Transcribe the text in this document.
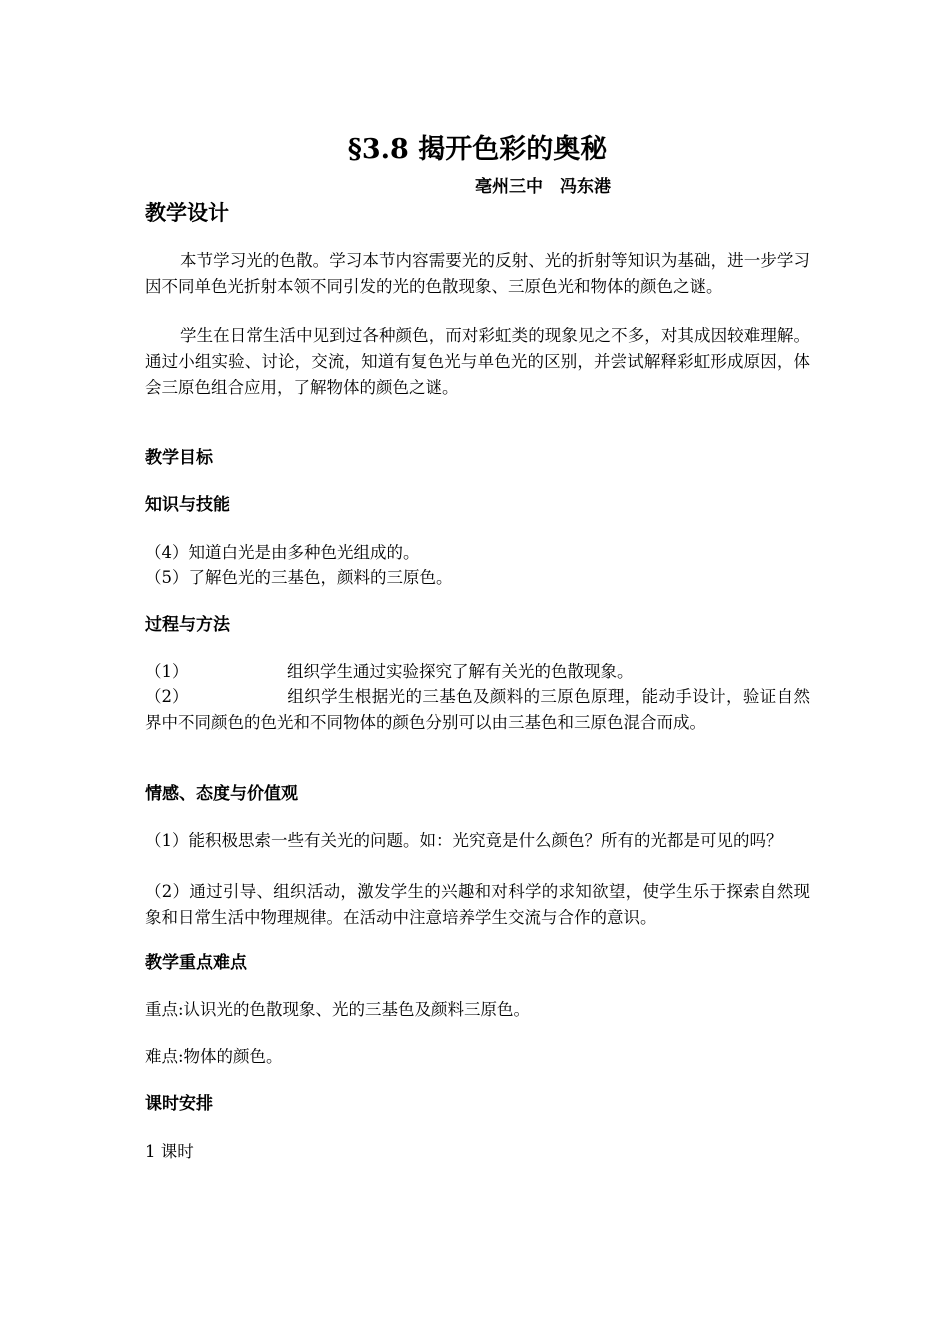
§3.8 揭开色彩的奥秘
亳州三中　冯东港
教学设计
本节学习光的色散。学习本节内容需要光的反射、光的折射等知识为基础，进一步学习因不同单色光折射本领不同引发的光的色散现象、三原色光和物体的颜色之谜。
学生在日常生活中见到过各种颜色，而对彩虹类的现象见之不多，对其成因较难理解。通过小组实验、讨论，交流，知道有复色光与单色光的区别，并尝试解释彩虹形成原因，体会三原色组合应用，了解物体的颜色之谜。
教学目标
知识与技能
（4）知道白光是由多种色光组成的。
（5）了解色光的三基色，颜料的三原色。
过程与方法
（1）	组织学生通过实验探究了解有关光的色散现象。
（2）	组织学生根据光的三基色及颜料的三原色原理，能动手设计，验证自然界中不同颜色的色光和不同物体的颜色分别可以由三基色和三原色混合而成。
情感、态度与价值观
（1）能积极思索一些有关光的问题。如：光究竟是什么颜色？所有的光都是可见的吗？
（2）通过引导、组织活动，激发学生的兴趣和对科学的求知欲望，使学生乐于探索自然现象和日常生活中物理规律。在活动中注意培养学生交流与合作的意识。
教学重点难点
重点:认识光的色散现象、光的三基色及颜料三原色。
难点:物体的颜色。
课时安排
1 课时
